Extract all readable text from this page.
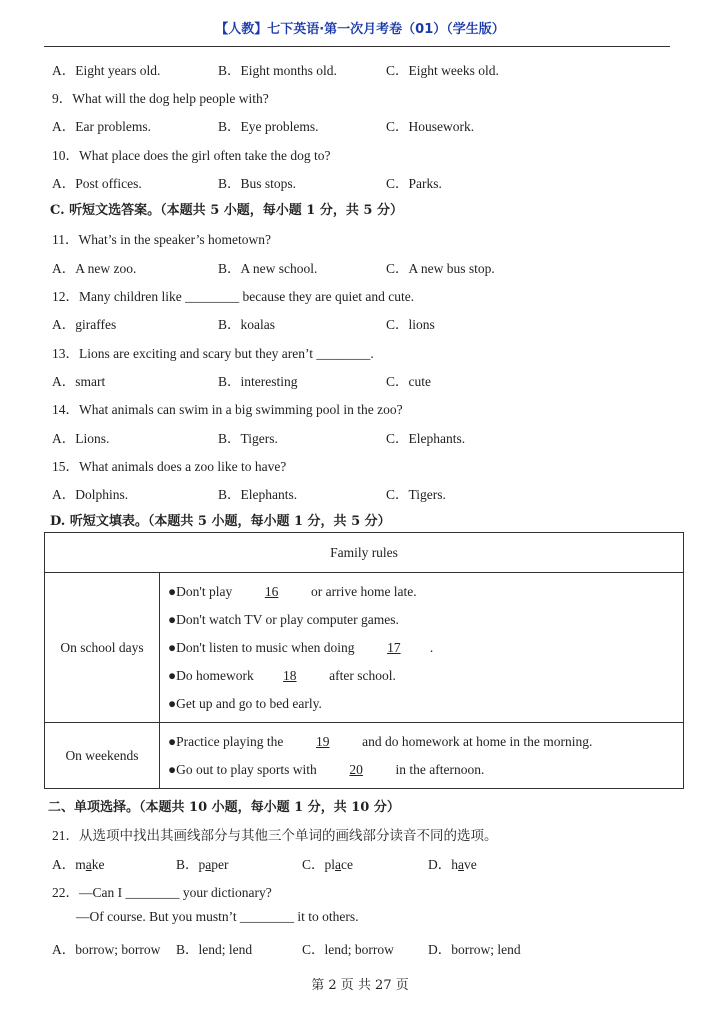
【人教】七下英语·第一次月考卷（01）（学生版）
A．Eight years old.	B．Eight months old.	C．Eight weeks old.
9．What will the dog help people with?
A．Ear problems.	B．Eye problems.	C．Housework.
10．What place does the girl often take the dog to?
A．Post offices.	B．Bus stops.	C．Parks.
C. 听短文选答案。（本题共 5 小题，每小题 1 分，共 5 分）
11．What’s in the speaker’s hometown?
A．A new zoo.	B．A new school.	C．A new bus stop.
12．Many children like ________ because they are quiet and cute.
A．giraffes	B．koalas	C．lions
13．Lions are exciting and scary but they aren’t ________.
A．smart	B．interesting	C．cute
14．What animals can swim in a big swimming pool in the zoo?
A．Lions.	B．Tigers.	C．Elephants.
15．What animals does a zoo like to have?
A．Dolphins.	B．Elephants.	C．Tigers.
D. 听短文填表。（本题共 5 小题，每小题 1 分，共 5 分）
Family rules	
On school days	●Don't play 16 or arrive home late.
●Don't watch TV or play computer games.
●Don't listen to music when doing 17 .
●Do homework 18 after school.
●Get up and go to bed early.

On weekends	●Practice playing the 19 and do homework at home in the morning.
●Go out to play sports with 20 in the afternoon.
二、单项选择。（本题共 10 小题，每小题 1 分，共 10 分）
21．从选项中找出其画线部分与其他三个单词的画线部分读音不同的选项。
A．make	B．paper	C．place	D．have
22．—Can I ________ your dictionary?
—Of course. But you mustn’t ________ it to others.
A．borrow; borrow B．lend; lend	C．lend; borrow	D．borrow; lend
第 2 页 共 27 页
